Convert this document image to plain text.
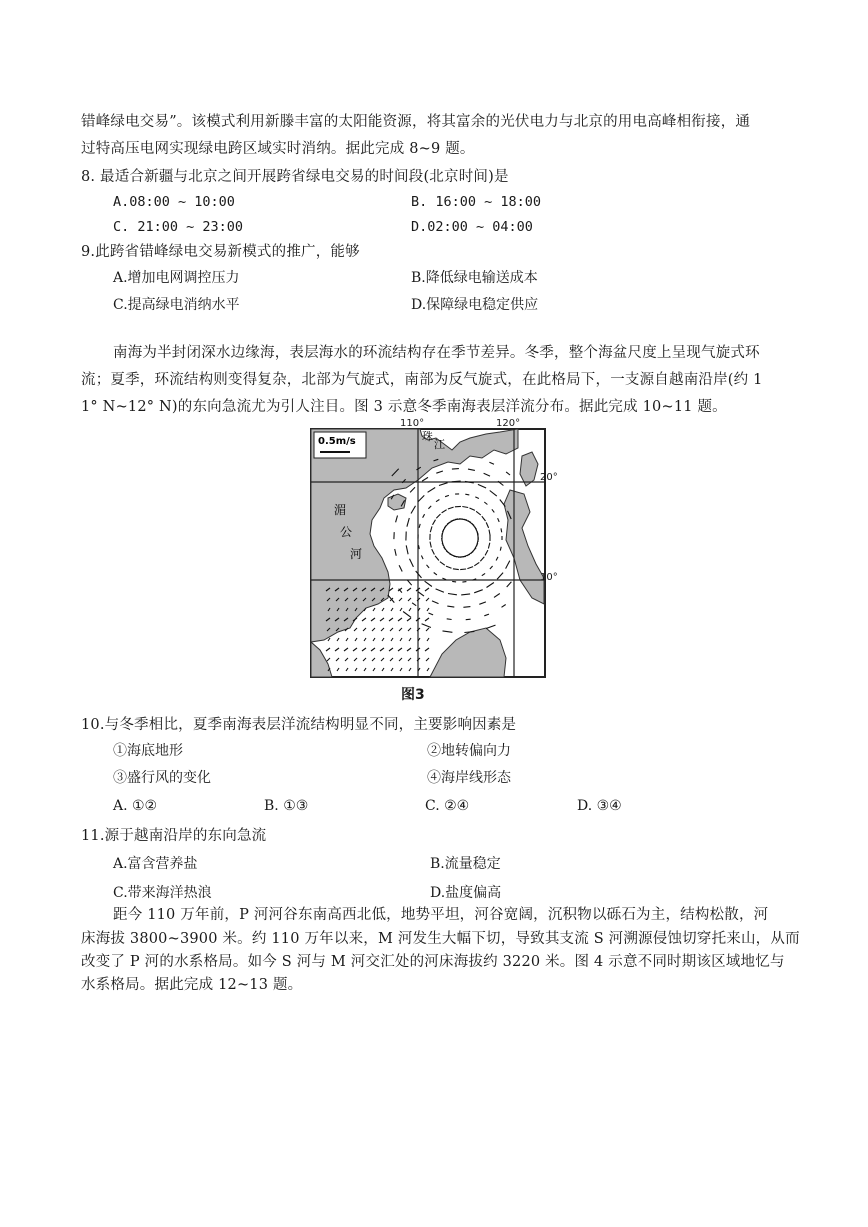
错峰绿电交易”。该模式利用新滕丰富的太阳能资源，将其富余的光伏电力与北京的用电高峰相衔接，通
过特高压电网实现绿电跨区域实时消纳。据此完成 8~9 题。
8. 最适合新疆与北京之间开展跨省绿电交易的时间段(北京时间)是
A.08:00 ~ 10:00	B. 16:00 ~ 18:00
C. 21:00 ~ 23:00	D.02:00 ~ 04:00
9.此跨省错峰绿电交易新模式的推广，能够
A.增加电网调控压力	B.降低绿电输送成本
C.提高绿电消纳水平	D.保障绿电稳定供应
南海为半封闭深水边缘海，表层海水的环流结构存在季节差异。冬季，整个海盆尺度上呈现气旋式环
流；夏季，环流结构则变得复杂，北部为气旋式，南部为反气旋式，在此格局下，一支源自越南沿岸(约 1
1° N~12° N)的东向急流尤为引人注目。图 3 示意冬季南海表层洋流分布。据此完成 10~11 题。
0.5m/s	珠
江
湄
公
河
20°
10°
110°	120°
图3
10.与冬季相比，夏季南海表层洋流结构明显不同，主要影响因素是
①海底地形	②地转偏向力
③盛行风的变化	④海岸线形态
A. ①②	B. ①③	C. ②④	D. ③④
11.源于越南沿岸的东向急流
A.富含营养盐	B.流量稳定
C.带来海洋热浪	D.盐度偏高
距今 110 万年前，P 河河谷东南高西北低，地势平坦，河谷宽阔，沉积物以砾石为主，结构松散，河
床海拔 3800~3900 米。约 110 万年以来，M 河发生大幅下切，导致其支流 S 河溯源侵蚀切穿托来山，从而
改变了 P 河的水系格局。如今 S 河与 M 河交汇处的河床海拔约 3220 米。图 4 示意不同时期该区域地忆与
水系格局。据此完成 12~13 题。
